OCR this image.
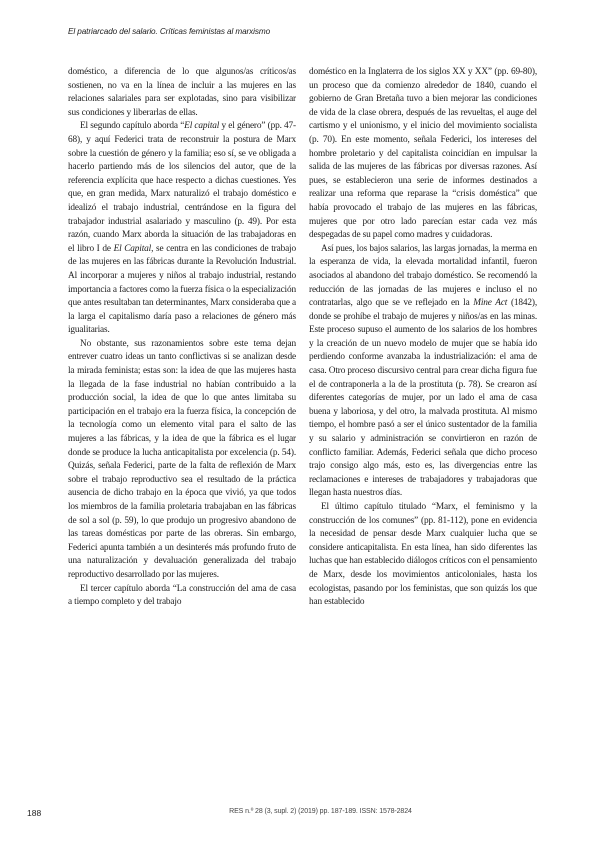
El patriarcado del salario. Críticas feministas al marxismo

doméstico, a diferencia de lo que algunos/as críticos/as sostienen, no va en la línea de incluir a las mujeres en las relaciones salariales para ser explotadas, sino para visibilizar sus condiciones y liberarlas de ellas.

El segundo capítulo aborda “El capital y el género” (pp. 47-68), y aquí Federici trata de reconstruir la postura de Marx sobre la cuestión de género y la familia; eso sí, se ve obligada a hacerlo partiendo más de los silencios del autor, que de la referencia explícita que hace respecto a dichas cuestiones. Yes que, en gran medida, Marx naturalizó el trabajo doméstico e idealizó el trabajo industrial, centrándose en la figura del trabajador industrial asalariado y masculino (p. 49). Por esta razón, cuando Marx aborda la situación de las trabajadoras en el libro I de El Capital, se centra en las condiciones de trabajo de las mujeres en las fábricas durante la Revolución Industrial. Al incorporar a mujeres y niños al trabajo industrial, restando importancia a factores como la fuerza física o la especialización que antes resultaban tan determinantes, Marx consideraba que a la larga el capitalismo daría paso a relaciones de género más igualitarias.

No obstante, sus razonamientos sobre este tema dejan entrever cuatro ideas un tanto conflictivas si se analizan desde la mirada feminista; estas son: la idea de que las mujeres hasta la llegada de la fase industrial no habían contribuido a la producción social, la idea de que lo que antes limitaba su participación en el trabajo era la fuerza física, la concepción de la tecnología como un elemento vital para el salto de las mujeres a las fábricas, y la idea de que la fábrica es el lugar donde se produce la lucha anticapitalista por excelencia (p. 54). Quizás, señala Federici, parte de la falta de reflexión de Marx sobre el trabajo reproductivo sea el resultado de la práctica ausencia de dicho trabajo en la época que vivió, ya que todos los miembros de la familia proletaria trabajaban en las fábricas de sol a sol (p. 59), lo que produjo un progresivo abandono de las tareas domésticas por parte de las obreras. Sin embargo, Federici apunta también a un desinterés más profundo fruto de una naturalización y devaluación generalizada del trabajo reproductivo desarrollado por las mujeres.

El tercer capítulo aborda “La construcción del ama de casa a tiempo completo y del trabajo

doméstico en la Inglaterra de los siglos XX y XX” (pp. 69-80), un proceso que da comienzo alrededor de 1840, cuando el gobierno de Gran Bretaña tuvo a bien mejorar las condiciones de vida de la clase obrera, después de las revueltas, el auge del cartismo y el unionismo, y el inicio del movimiento socialista (p. 70). En este momento, señala Federici, los intereses del hombre proletario y del capitalista coincidían en impulsar la salida de las mujeres de las fábricas por diversas razones. Así pues, se establecieron una serie de informes destinados a realizar una reforma que reparase la “crisis doméstica” que había provocado el trabajo de las mujeres en las fábricas, mujeres que por otro lado parecían estar cada vez más despegadas de su papel como madres y cuidadoras.

Así pues, los bajos salarios, las largas jornadas, la merma en la esperanza de vida, la elevada mortalidad infantil, fueron asociados al abandono del trabajo doméstico. Se recomendó la reducción de las jornadas de las mujeres e incluso el no contratarlas, algo que se ve reflejado en la Mine Act (1842), donde se prohíbe el trabajo de mujeres y niños/as en las minas. Este proceso supuso el aumento de los salarios de los hombres y la creación de un nuevo modelo de mujer que se había ido perdiendo conforme avanzaba la industrialización: el ama de casa. Otro proceso discursivo central para crear dicha figura fue el de contraponerla a la de la prostituta (p. 78). Se crearon así diferentes categorías de mujer, por un lado el ama de casa buena y laboriosa, y del otro, la malvada prostituta. Al mismo tiempo, el hombre pasó a ser el único sustentador de la familia y su salario y administración se convirtieron en razón de conflicto familiar. Además, Federici señala que dicho proceso trajo consigo algo más, esto es, las divergencias entre las reclamaciones e intereses de trabajadores y trabajadoras que llegan hasta nuestros días.

El último capítulo titulado “Marx, el feminismo y la construcción de los comunes” (pp. 81-112), pone en evidencia la necesidad de pensar desde Marx cualquier lucha que se considere anticapitalista. En esta línea, han sido diferentes las luchas que han establecido diálogos críticos con el pensamiento de Marx, desde los movimientos anticoloniales, hasta los ecologistas, pasando por los feministas, que son quizás los que han establecido

188	RES n.º 28 (3, supl. 2) (2019) pp. 187-189. ISSN: 1578-2824
